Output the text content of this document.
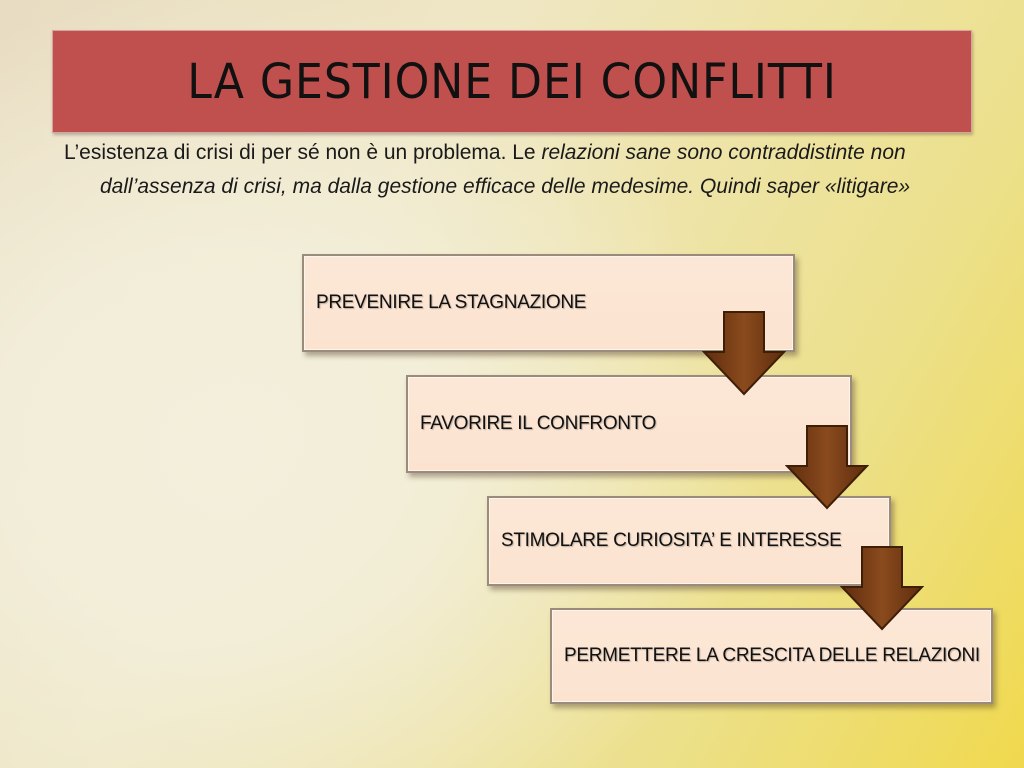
LA GESTIONE DEI CONFLITTI
L’esistenza di crisi di per sé non è un problema. Le relazioni sane sono contraddistinte non dall’assenza di crisi, ma dalla gestione efficace delle medesime. Quindi saper «litigare»
PREVENIRE LA STAGNAZIONE
FAVORIRE IL CONFRONTO
STIMOLARE CURIOSITA’ E INTERESSE
PERMETTERE LA CRESCITA DELLE RELAZIONI
